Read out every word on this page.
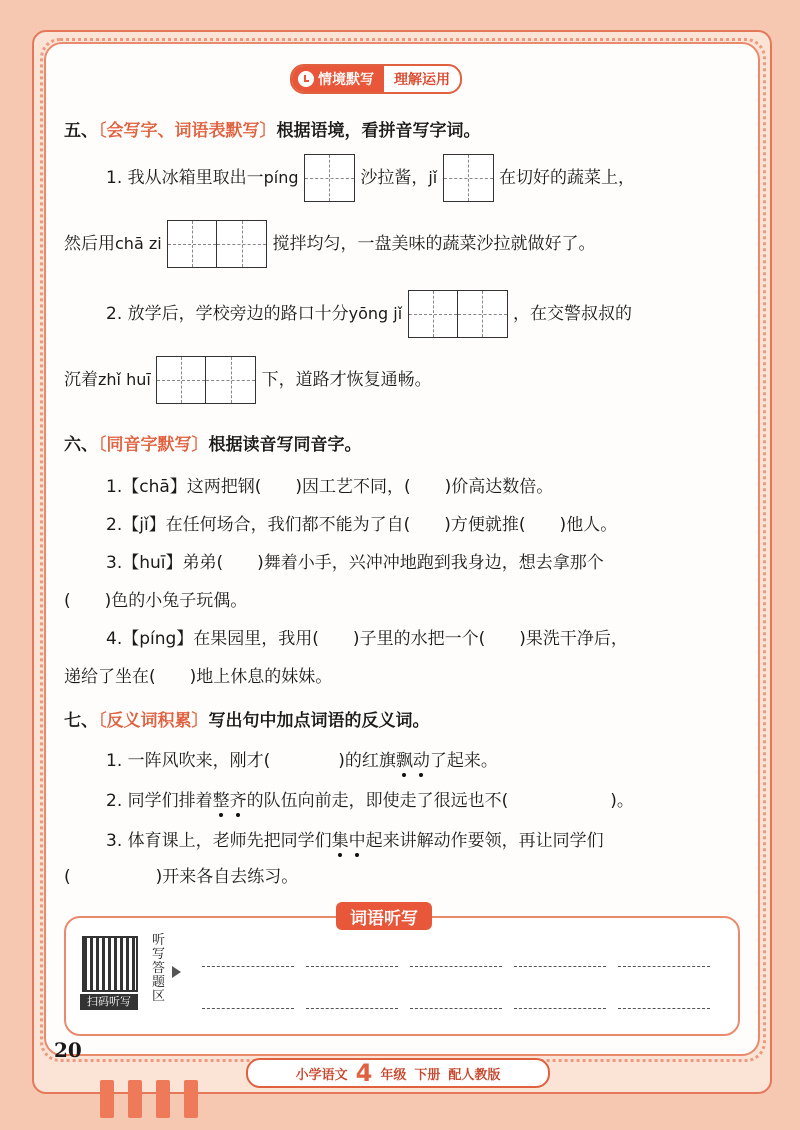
情境默写	理解运用
五、〔会写字、词语表默写〕根据语境，看拼音写字词。
1. 我从冰箱里取出一píng	沙拉酱，jǐ	在切好的蔬菜上，
然后用chā zi	搅拌均匀，一盘美味的蔬菜沙拉就做好了。
2. 放学后，学校旁边的路口十分yōng jǐ	，在交警叔叔的
沉着zhǐ huī	下，道路才恢复通畅。
六、〔同音字默写〕根据读音写同音字。
1.【chā】这两把钢(　　)因工艺不同，(　　)价高达数倍。
2.【jǐ】在任何场合，我们都不能为了自(　　)方便就推(　　)他人。
3.【huī】弟弟(　　)舞着小手，兴冲冲地跑到我身边，想去拿那个
(　　)色的小兔子玩偶。
4.【píng】在果园里，我用(　　)子里的水把一个(　　)果洗干净后，
递给了坐在(　　)地上休息的妹妹。
七、〔反义词积累〕写出句中加点词语的反义词。
1. 一阵风吹来，刚才(　　　　)的红旗飘动了起来。
2. 同学们排着整齐的队伍向前走，即使走了很远也不(　　　　　　)。
3. 体育课上，老师先把同学们集中起来讲解动作要领，再让同学们
(　　　　　)开来各自去练习。
词语听写
扫码听写
听写答题区
20
小学语文 4 年级 下册 配人教版
